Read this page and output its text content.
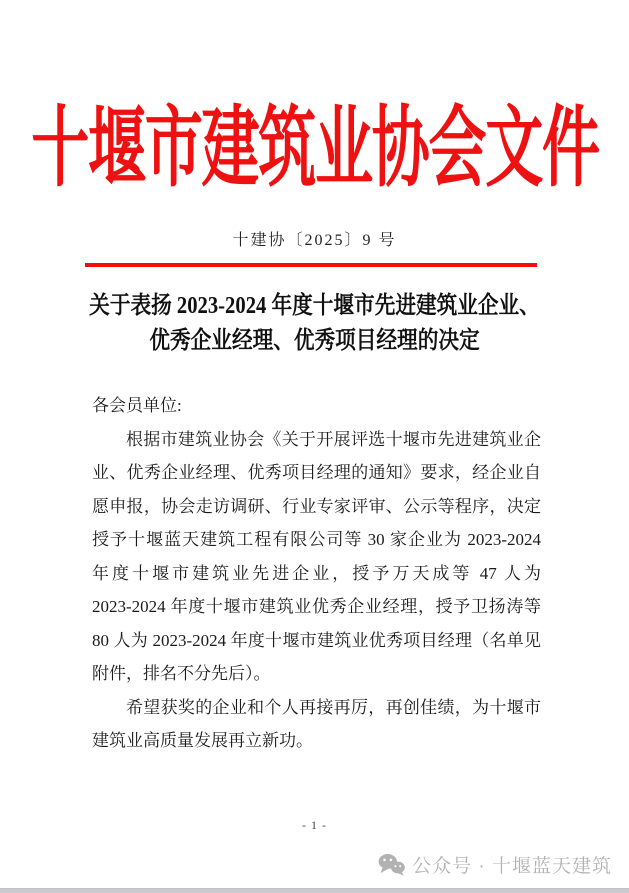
十堰市建筑业协会文件
十建协〔2025〕9 号
关于表扬 2023-2024 年度十堰市先进建筑业企业、
优秀企业经理、优秀项目经理的决定
各会员单位:
根据市建筑业协会《关于开展评选十堰市先进建筑业企
业、优秀企业经理、优秀项目经理的通知》要求，经企业自
愿申报，协会走访调研、行业专家评审、公示等程序，决定
授予十堰蓝天建筑工程有限公司等 30 家企业为 2023-2024
年度十堰市建筑业先进企业，授予万天成等 47 人为
2023-2024 年度十堰市建筑业优秀企业经理，授予卫扬涛等
80 人为 2023-2024 年度十堰市建筑业优秀项目经理（名单见
附件，排名不分先后）。
希望获奖的企业和个人再接再厉，再创佳绩，为十堰市
建筑业高质量发展再立新功。
- 1 -
公众号 · 十堰蓝天建筑
